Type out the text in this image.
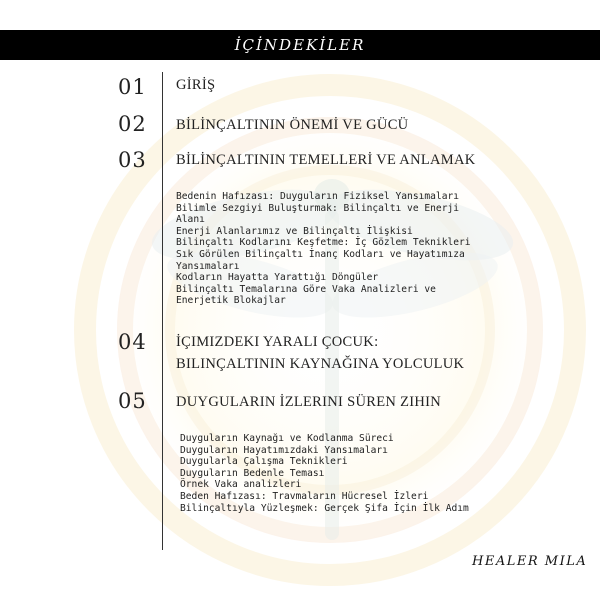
İÇİNDEKİLER
01 GİRİŞ
02 BİLİNÇALTININ ÖNEMİ VE GÜCÜ
03 BİLİNÇALTININ TEMELLERİ VE ANLAMAK
Bedenin Hafızası: Duyguların Fiziksel Yansımaları
Bilimle Sezgiyi Buluşturmak: Bilinçaltı ve Enerji
Alanı
Enerji Alanlarımız ve Bilinçaltı İlişkisi
Bilinçaltı Kodlarını Keşfetme: İç Gözlem Teknikleri
Sık Görülen Bilinçaltı İnanç Kodları ve Hayatımıza
Yansımaları
Kodların Hayatta Yarattığı Döngüler
Bilinçaltı Temalarına Göre Vaka Analizleri ve
Enerjetik Blokajlar
04 İÇIMIZDEKI YARALI ÇOCUK:
BILINÇALTININ KAYNAĞINA YOLCULUK
05 DUYGULARIN İZLERINI SÜREN ZIHIN
Duyguların Kaynağı ve Kodlanma Süreci
Duyguların Hayatımızdaki Yansımaları
Duygularla Çalışma Teknikleri
Duyguların Bedenle Teması
Örnek Vaka analizleri
Beden Hafızası: Travmaların Hücresel İzleri
Bilinçaltıyla Yüzleşmek: Gerçek Şifa İçin İlk Adım
HEALER MILA
